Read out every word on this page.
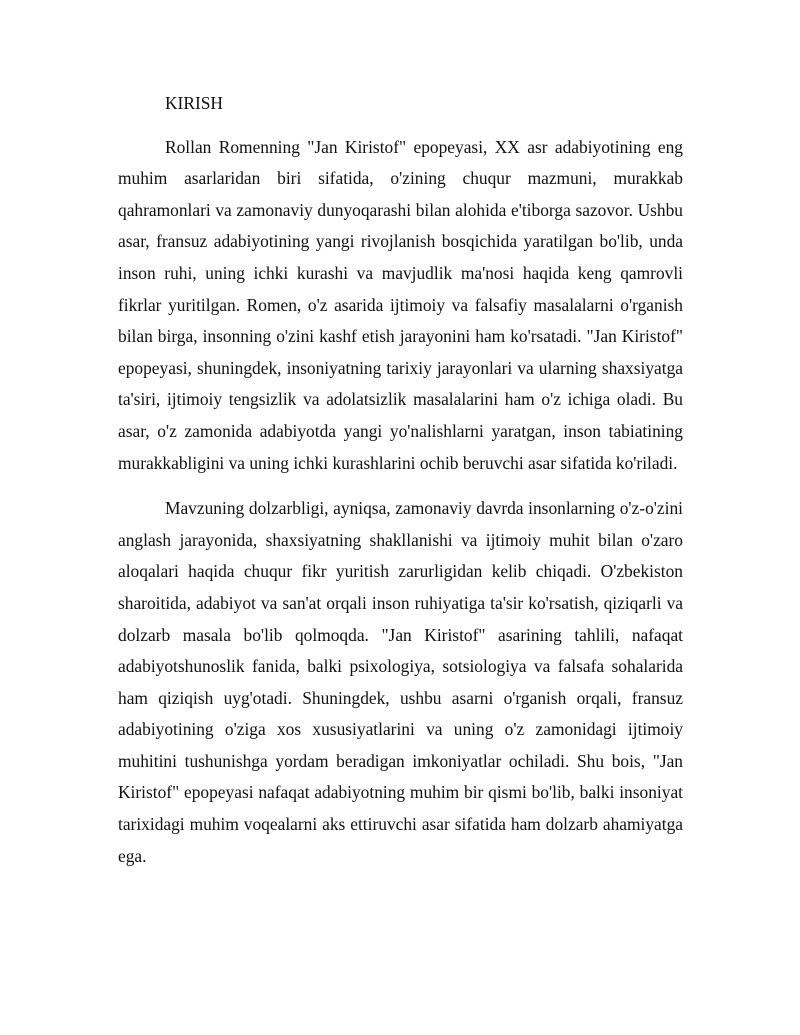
KIRISH

Rollan Romenning "Jan Kiristof" epopeyasi, XX asr adabiyotining eng muhim asarlaridan biri sifatida, o'zining chuqur mazmuni, murakkab qahramonlari va zamonaviy dunyoqarashi bilan alohida e'tiborga sazovor. Ushbu asar, fransuz adabiyotining yangi rivojlanish bosqichida yaratilgan bo'lib, unda inson ruhi, uning ichki kurashi va mavjudlik ma'nosi haqida keng qamrovli fikrlar yuritilgan. Romen, o'z asarida ijtimoiy va falsafiy masalalarni o'rganish bilan birga, insonning o'zini kashf etish jarayonini ham ko'rsatadi. "Jan Kiristof" epopeyasi, shuningdek, insoniyatning tarixiy jarayonlari va ularning shaxsiyatga ta'siri, ijtimoiy tengsizlik va adolatsizlik masalalarini ham o'z ichiga oladi. Bu asar, o'z zamonida adabiyotda yangi yo'nalishlarni yaratgan, inson tabiatining murakkabligini va uning ichki kurashlarini ochib beruvchi asar sifatida ko'riladi.

Mavzuning dolzarbligi, ayniqsa, zamonaviy davrda insonlarning o'z-o'zini anglash jarayonida, shaxsiyatning shakllanishi va ijtimoiy muhit bilan o'zaro aloqalari haqida chuqur fikr yuritish zarurligidan kelib chiqadi. O'zbekiston sharoitida, adabiyot va san'at orqali inson ruhiyatiga ta'sir ko'rsatish, qiziqarli va dolzarb masala bo'lib qolmoqda. "Jan Kiristof" asarining tahlili, nafaqat adabiyotshunoslik fanida, balki psixologiya, sotsiologiya va falsafa sohalarida ham qiziqish uyg'otadi. Shuningdek, ushbu asarni o'rganish orqali, fransuz adabiyotining o'ziga xos xususiyatlarini va uning o'z zamonidagi ijtimoiy muhitini tushunishga yordam beradigan imkoniyatlar ochiladi. Shu bois, "Jan Kiristof" epopeyasi nafaqat adabiyotning muhim bir qismi bo'lib, balki insoniyat tarixidagi muhim voqealarni aks ettiruvchi asar sifatida ham dolzarb ahamiyatga ega.
